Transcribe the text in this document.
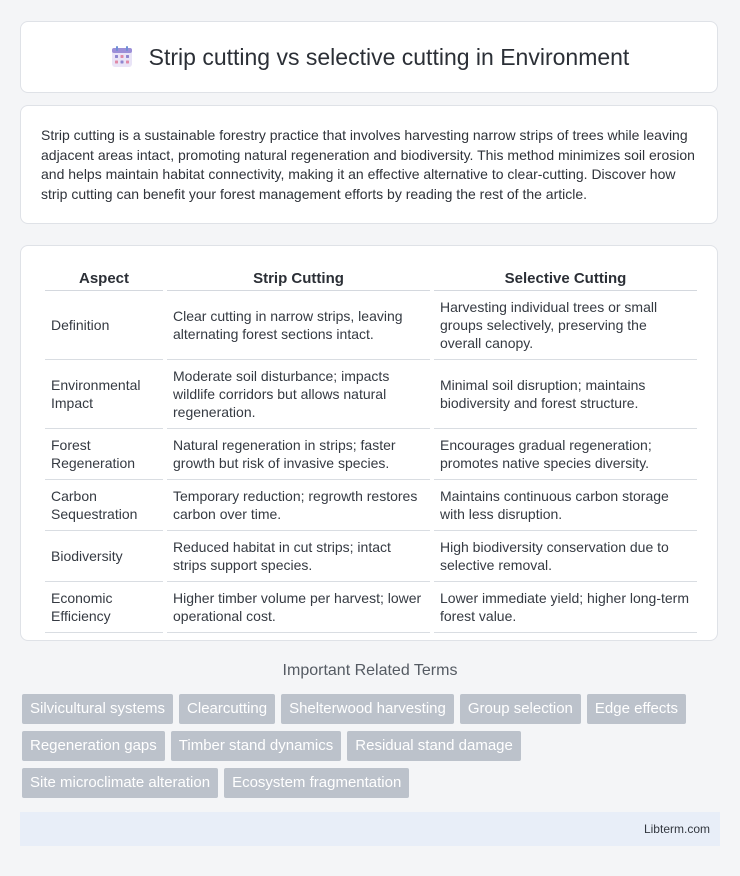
Strip cutting vs selective cutting in Environment

Strip cutting is a sustainable forestry practice that involves harvesting narrow strips of trees while leaving adjacent areas intact, promoting natural regeneration and biodiversity. This method minimizes soil erosion and helps maintain habitat connectivity, making it an effective alternative to clear-cutting. Discover how strip cutting can benefit your forest management efforts by reading the rest of the article.

Aspect	Strip Cutting	Selective Cutting
Definition	Clear cutting in narrow strips, leaving alternating forest sections intact.	Harvesting individual trees or small groups selectively, preserving the overall canopy.
Environmental Impact	Moderate soil disturbance; impacts wildlife corridors but allows natural regeneration.	Minimal soil disruption; maintains biodiversity and forest structure.
Forest Regeneration	Natural regeneration in strips; faster growth but risk of invasive species.	Encourages gradual regeneration; promotes native species diversity.
Carbon Sequestration	Temporary reduction; regrowth restores carbon over time.	Maintains continuous carbon storage with less disruption.
Biodiversity	Reduced habitat in cut strips; intact strips support species.	High biodiversity conservation due to selective removal.
Economic Efficiency	Higher timber volume per harvest; lower operational cost.	Lower immediate yield; higher long-term forest value.
Important Related Terms
Silvicultural systems	Clearcutting	Shelterwood harvesting	Group selection	Edge effects
Regeneration gaps	Timber stand dynamics	Residual stand damage
Site microclimate alteration	Ecosystem fragmentation
Libterm.com
